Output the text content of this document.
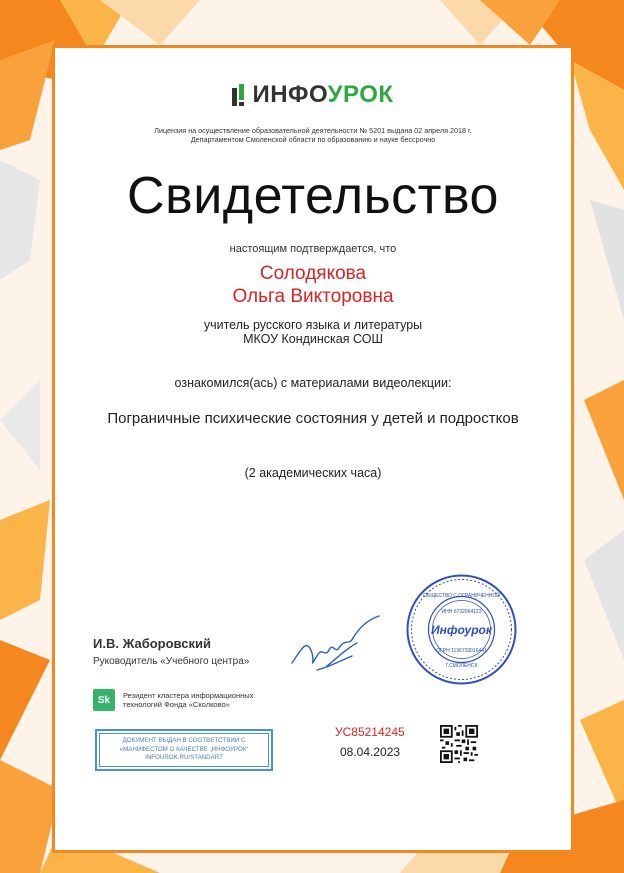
ИНФОУРОК
Лицензия на осуществление образовательной деятельности № 5201 выдана 02 апреля 2018 г.
Департаментом Смоленской области по образованию и науке бессрочно
Свидетельство
настоящим подтверждается, что
Солодякова
Ольга Викторовна
учитель русского языка и литературы
МКОУ Кондинская СОШ
ознакомился(ась) с материалами видеолекции:
Пограничные психические состояния у детей и подростков
(2 академических часа)
Инфоурок
ОБЩЕСТВО С ОГРАНИЧЕННОЙ
ИНН 6732064123
ОГРН 1136733016441
Г.СМОЛЕНСК
И.В. Жаборовский
Руководитель «Учебного центра»
Sk	Резидент кластера информационных
технологий Фонда «Сколково»
ДОКУМЕНТ ВЫДАН В СООТВЕТСТВИИ С
«МАНИФЕСТОМ О КАЧЕСТВЕ „ИНФОУРОК“
INFOUROK.RU/STANDART
УС85214245
08.04.2023
